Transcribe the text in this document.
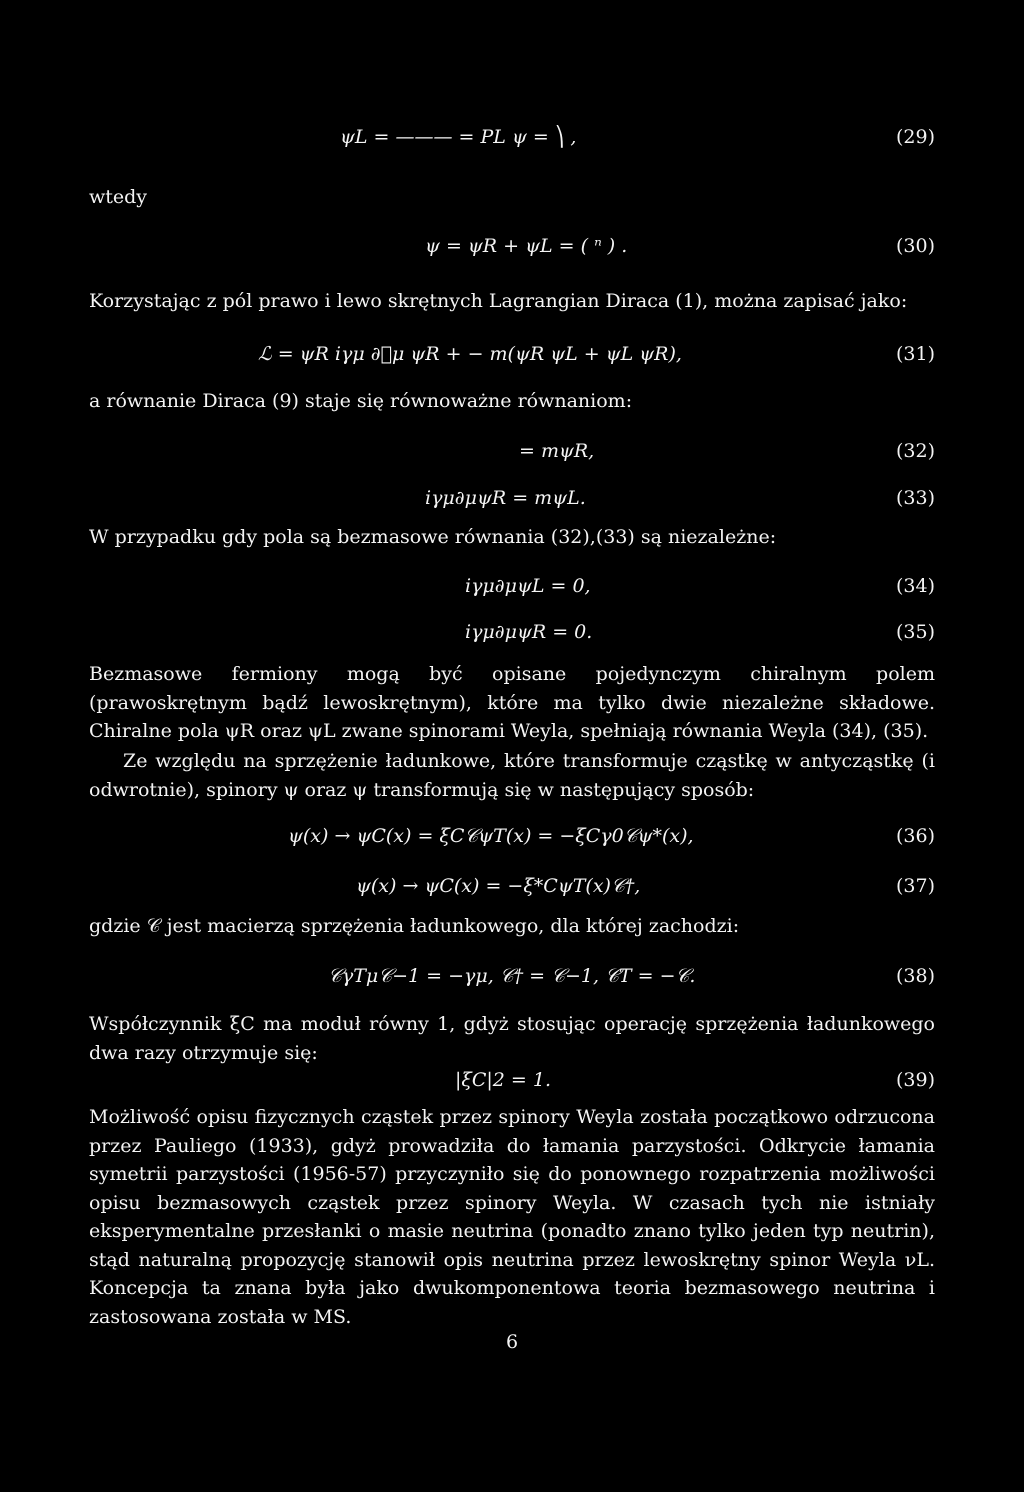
ψL = ——— = PL ψ = ⎞ ,	(29)
wtedy
ψ = ψR + ψL = ( ⁿ ) .	(30)
Korzystając z pól prawo i lewo skrętnych Lagrangian Diraca (1), można zapisać jako:
ℒ = ψR iγμ ∂⃡μ ψR + − m(ψR ψL + ψL ψR),	(31)
a równanie Diraca (9) staje się równoważne równaniom:
= mψR,	(32)
iγμ∂μψR = mψL.	(33)
W przypadku gdy pola są bezmasowe równania (32),(33) są niezależne:
iγμ∂μψL = 0,	(34)
iγμ∂μψR = 0.	(35)
Bezmasowe fermiony mogą być opisane pojedynczym chiralnym polem (prawoskrętnym bądź lewoskrętnym), które ma tylko dwie niezależne składowe. Chiralne pola ψR oraz ψL zwane spinorami Weyla, spełniają równania Weyla (34), (35).
Ze względu na sprzężenie ładunkowe, które transformuje cząstkę w antycząstkę (i odwrotnie), spinory ψ oraz ψ transformują się w następujący sposób:
ψ(x) → ψC(x) = ξC𝒞ψT(x) = −ξCγ0𝒞ψ*(x),	(36)
ψ(x) → ψC(x) = −ξ*CψT(x)𝒞†,	(37)
gdzie 𝒞 jest macierzą sprzężenia ładunkowego, dla której zachodzi:
𝒞γTμ𝒞−1 = −γμ, 𝒞† = 𝒞−1, 𝒞T = −𝒞.	(38)
Współczynnik ξC ma moduł równy 1, gdyż stosując operację sprzężenia ładunkowego dwa razy otrzymuje się:
|ξC|2 = 1.	(39)
Możliwość opisu fizycznych cząstek przez spinory Weyla została początkowo odrzucona przez Pauliego (1933), gdyż prowadziła do łamania parzystości. Odkrycie łamania symetrii parzystości (1956-57) przyczyniło się do ponownego rozpatrzenia możliwości opisu bezmasowych cząstek przez spinory Weyla. W czasach tych nie istniały eksperymentalne przesłanki o masie neutrina (ponadto znano tylko jeden typ neutrin), stąd naturalną propozycję stanowił opis neutrina przez lewoskrętny spinor Weyla νL. Koncepcja ta znana była jako dwukomponentowa teoria bezmasowego neutrina i zastosowana została w MS.
6
